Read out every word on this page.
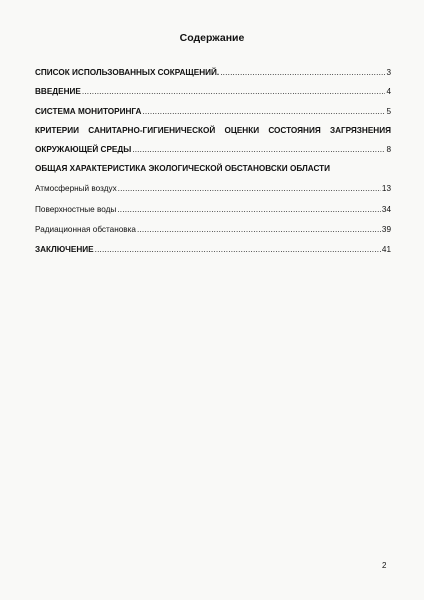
Содержание
СПИСОК ИСПОЛЬЗОВАННЫХ СОКРАЩЕНИЙ. .....	3
ВВЕДЕНИЕ .....	4
СИСТЕМА МОНИТОРИНГА .....	5
КРИТЕРИИ САНИТАРНО-ГИГИЕНИЧЕСКОЙ ОЦЕНКИ СОСТОЯНИЯ ЗАГРЯЗНЕНИЯ
ОКРУЖАЮЩЕЙ СРЕДЫ .....	8
ОБЩАЯ ХАРАКТЕРИСТИКА ЭКОЛОГИЧЕСКОЙ ОБСТАНОВСКИ ОБЛАСТИ
Атмосферный воздух .....	13
Поверхностные воды .....	34
Радиационная обстановка .....	39
ЗАКЛЮЧЕНИЕ .....	41
2
